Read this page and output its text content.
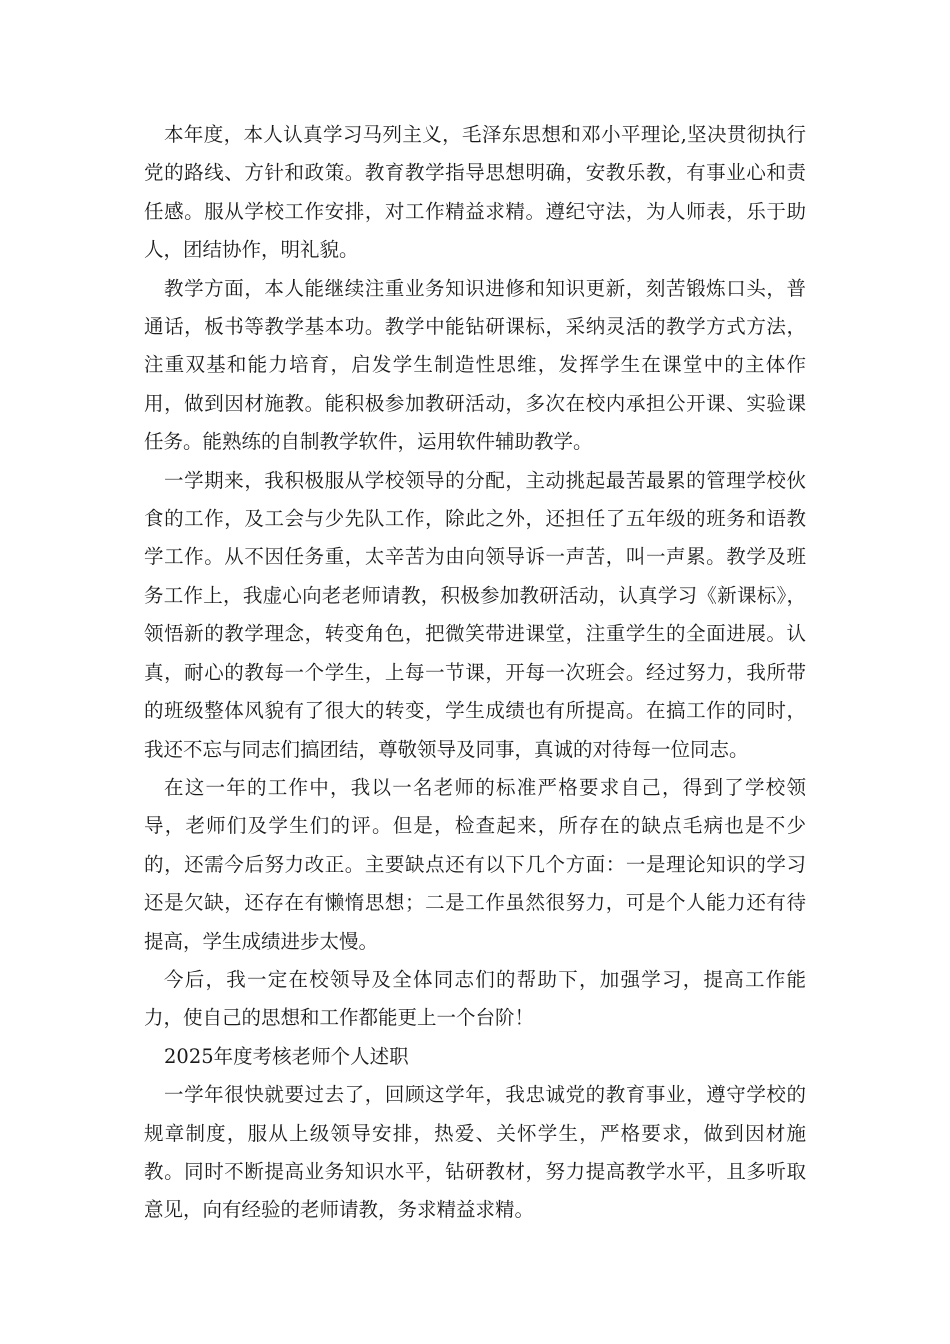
本年度，本人认真学习马列主义，毛泽东思想和邓小平理论,坚决贯彻执行党的路线、方针和政策。教育教学指导思想明确，安教乐教，有事业心和责任感。服从学校工作安排，对工作精益求精。遵纪守法，为人师表，乐于助人，团结协作，明礼貌。

教学方面，本人能继续注重业务知识进修和知识更新，刻苦锻炼口头，普通话，板书等教学基本功。教学中能钻研课标，采纳灵活的教学方式方法，注重双基和能力培育，启发学生制造性思维，发挥学生在课堂中的主体作用，做到因材施教。能积极参加教研活动，多次在校内承担公开课、实验课任务。能熟练的自制教学软件，运用软件辅助教学。

一学期来，我积极服从学校领导的分配，主动挑起最苦最累的管理学校伙食的工作，及工会与少先队工作，除此之外，还担任了五年级的班务和语教学工作。从不因任务重，太辛苦为由向领导诉一声苦，叫一声累。教学及班务工作上，我虚心向老老师请教，积极参加教研活动，认真学习《新课标》，领悟新的教学理念，转变角色，把微笑带进课堂，注重学生的全面进展。认真，耐心的教每一个学生，上每一节课，开每一次班会。经过努力，我所带的班级整体风貌有了很大的转变，学生成绩也有所提高。在搞工作的同时，我还不忘与同志们搞团结，尊敬领导及同事，真诚的对待每一位同志。

在这一年的工作中，我以一名老师的标准严格要求自己，得到了学校领导，老师们及学生们的评。但是，检查起来，所存在的缺点毛病也是不少的，还需今后努力改正。主要缺点还有以下几个方面：一是理论知识的学习还是欠缺，还存在有懒惰思想；二是工作虽然很努力，可是个人能力还有待提高，学生成绩进步太慢。

今后，我一定在校领导及全体同志们的帮助下，加强学习，提高工作能力，使自己的思想和工作都能更上一个台阶！

2025年度考核老师个人述职

一学年很快就要过去了，回顾这学年，我忠诚党的教育事业，遵守学校的规章制度，服从上级领导安排，热爱、关怀学生，严格要求，做到因材施教。同时不断提高业务知识水平，钻研教材，努力提高教学水平，且多听取意见，向有经验的老师请教，务求精益求精。
